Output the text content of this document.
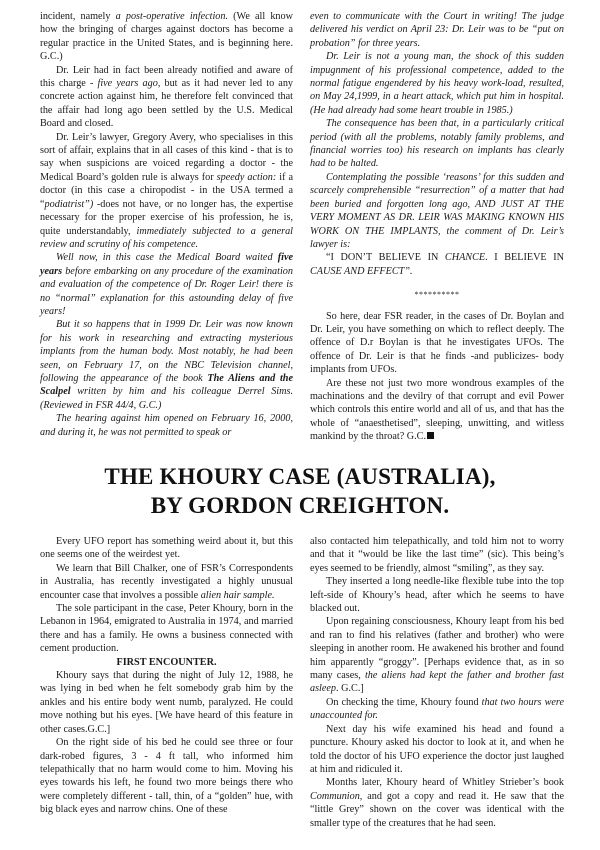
incident, namely a post-operative infection. (We all know how the bringing of charges against doctors has become a regular practice in the United States, and is beginning here. G.C.)

Dr. Leir had in fact been already notified and aware of this charge - five years ago, but as it had never led to any concrete action against him, he therefore felt convinced that the affair had long ago been settled by the U.S. Medical Board and closed.

Dr. Leir’s lawyer, Gregory Avery, who specialises in this sort of affair, explains that in all cases of this kind - that is to say when suspicions are voiced regarding a doctor - the Medical Board’s golden rule is always for speedy action: if a doctor (in this case a chiropodist - in the USA termed a “podiatrist”) -does not have, or no longer has, the expertise necessary for the proper exercise of his profession, he is, quite understandably, immediately subjected to a general review and scrutiny of his competence.

Well now, in this case the Medical Board waited five years before embarking on any procedure of the examination and evaluation of the competence of Dr. Roger Leir! there is no “normal” explanation for this astounding delay of five years!

But it so happens that in 1999 Dr. Leir was now known for his work in researching and extracting mysterious implants from the human body. Most notably, he had been seen, on February 17, on the NBC Television channel, following the appearance of the book The Aliens and the Scalpel written by him and his colleague Derrel Sims. (Reviewed in FSR 44/4, G.C.)

The hearing against him opened on February 16, 2000, and during it, he was not permitted to speak or

even to communicate with the Court in writing! The judge delivered his verdict on April 23: Dr. Leir was to be “put on probation” for three years.

Dr. Leir is not a young man, the shock of this sudden impugnment of his professional competence, added to the normal fatigue engendered by his heavy work-load, resulted, on May 24,1999, in a heart attack, which put him in hospital. (He had already had some heart trouble in 1985.)

The consequence has been that, in a particularly critical period (with all the problems, notably family problems, and financial worries too) his research on implants has clearly had to be halted.

Contemplating the possible ‘reasons’ for this sudden and scarcely comprehensible “resurrection” of a matter that had been buried and forgotten long ago, AND JUST AT THE VERY MOMENT AS DR. LEIR WAS MAKING KNOWN HIS WORK ON THE IMPLANTS, the comment of Dr. Leir’s lawyer is:

“I DON’T BELIEVE IN CHANCE. I BELIEVE IN CAUSE AND EFFECT”.

**********

So here, dear FSR reader, in the cases of Dr. Boylan and Dr. Leir, you have something on which to reflect deeply. The offence of D.r Boylan is that he investigates UFOs. The offence of Dr. Leir is that he finds -and publicizes- body implants from UFOs.

Are these not just two more wondrous examples of the machinations and the devilry of that corrupt and evil Power which controls this entire world and all of us, and that has the whole of “anaesthetised”, sleeping, unwitting, and witless mankind by the throat? G.C.

THE KHOURY CASE (AUSTRALIA),
BY GORDON CREIGHTON.

Every UFO report has something weird about it, but this one seems one of the weirdest yet.

We learn that Bill Chalker, one of FSR’s Correspondents in Australia, has recently investigated a highly unusual encounter case that involves a possible alien hair sample.

The sole participant in the case, Peter Khoury, born in the Lebanon in 1964, emigrated to Australia in 1974, and married there and has a family. He owns a business connected with cement production.

FIRST ENCOUNTER.

Khoury says that during the night of July 12, 1988, he was lying in bed when he felt somebody grab him by the ankles and his entire body went numb, paralyzed. He could move nothing but his eyes. [We have heard of this feature in other cases.G.C.]

On the right side of his bed he could see three or four dark-robed figures, 3 - 4 ft tall, who informed him telepathically that no harm would come to him. Moving his eyes towards his left, he found two more beings there who were completely different - tall, thin, of a “golden” hue, with big black eyes and narrow chins. One of these

also contacted him telepathically, and told him not to worry and that it “would be like the last time” (sic). This being’s eyes seemed to be friendly, almost “smiling”, as they say.

They inserted a long needle-like flexible tube into the top left-side of Khoury’s head, after which he seems to have blacked out.

Upon regaining consciousness, Khoury leapt from his bed and ran to find his relatives (father and brother) who were sleeping in another room. He awakened his brother and found him apparently “groggy”. [Perhaps evidence that, as in so many cases, the aliens had kept the father and brother fast asleep. G.C.]

On checking the time, Khoury found that two hours were unaccounted for.

Next day his wife examined his head and found a puncture. Khoury asked his doctor to look at it, and when he told the doctor of his UFO experience the doctor just laughed at him and ridiculed it.

Months later, Khoury heard of Whitley Strieber’s book Communion, and got a copy and read it. He saw that the “little Grey” shown on the cover was identical with the smaller type of the creatures that he had seen.
